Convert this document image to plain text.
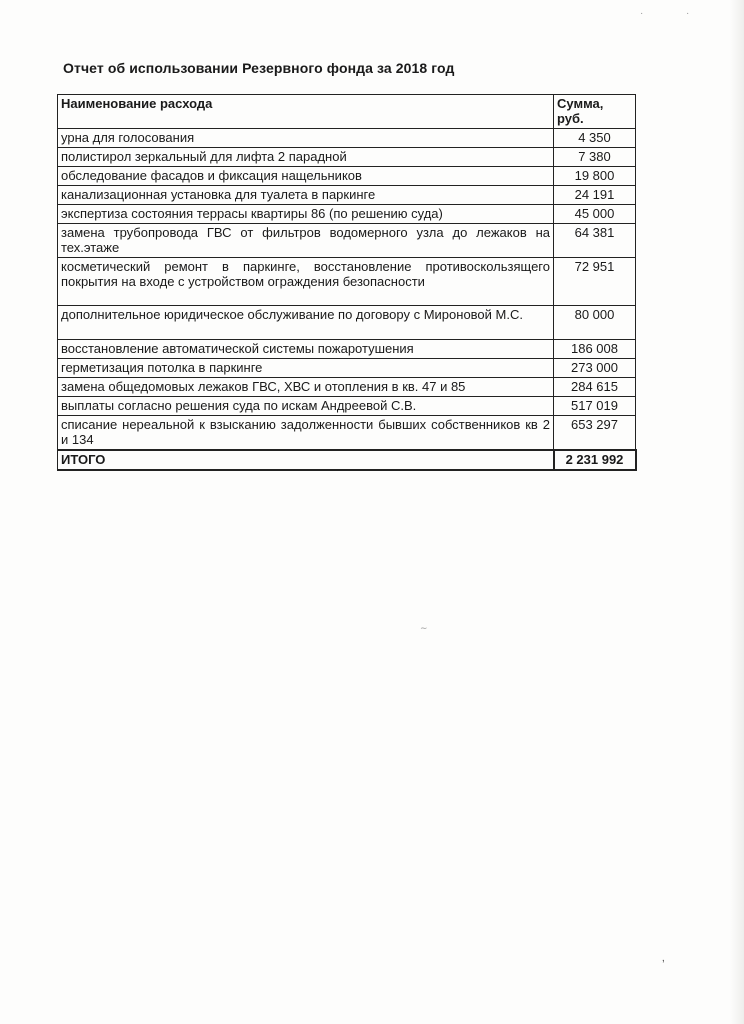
·	·
∼
‚
Отчет об использовании Резервного фонда за 2018 год
Наименование расхода	Сумма, руб.
урна для голосования	4 350
полистирол зеркальный для лифта 2 парадной	7 380
обследование фасадов и фиксация нащельников	19 800
канализационная установка для туалета в паркинге	24 191
экспертиза состояния террасы квартиры 86 (по решению суда)	45 000
замена трубопровода ГВС от фильтров водомерного узла до лежаков на тех.этаже	64 381
косметический ремонт в паркинге, восстановление противоскользящего покрытия на входе с устройством ограждения безопасности	72 951
дополнительное юридическое обслуживание по договору с Мироновой М.С.	80 000
восстановление автоматической системы пожаротушения	186 008
герметизация потолка в паркинге	273 000
замена общедомовых лежаков ГВС, ХВС и отопления в кв. 47 и 85	284 615
выплаты согласно решения суда по искам Андреевой С.В.	517 019
списание нереальной к взысканию задолженности бывших собственников кв 2 и 134	653 297
ИТОГО	2 231 992
